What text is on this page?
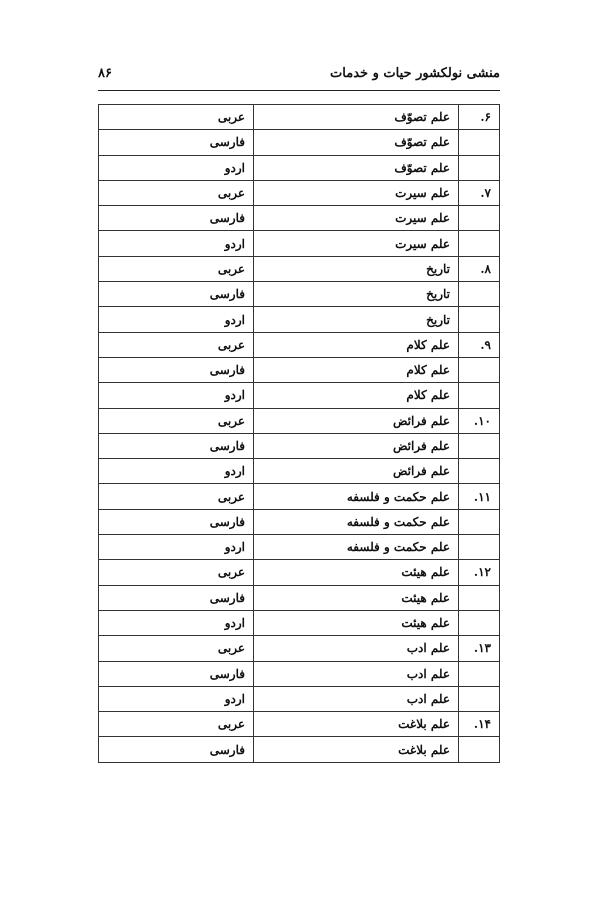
منشی نولکشور حیات و خدمات
۸۶
۶.	علم تصوّف	عربی
	علم تصوّف	فارسی
	علم تصوّف	اردو
۷.	علم سیرت	عربی
	علم سیرت	فارسی
	علم سیرت	اردو
۸.	تاریخ	عربی
	تاریخ	فارسی
	تاریخ	اردو
۹.	علم کلام	عربی
	علم کلام	فارسی
	علم کلام	اردو
۱۰.	علم فرائض	عربی
	علم فرائض	فارسی
	علم فرائض	اردو
۱۱.	علم حکمت و فلسفه	عربی
	علم حکمت و فلسفه	فارسی
	علم حکمت و فلسفه	اردو
۱۲.	علم هیئت	عربی
	علم هیئت	فارسی
	علم هیئت	اردو
۱۳.	علم ادب	عربی
	علم ادب	فارسی
	علم ادب	اردو
۱۴.	علم بلاغت	عربی
	علم بلاغت	فارسی
